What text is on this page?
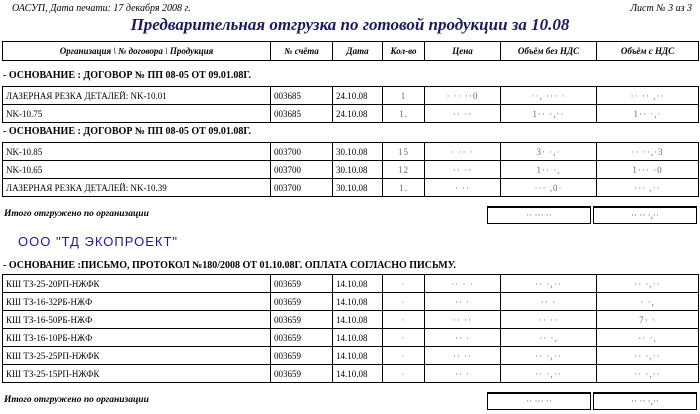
ОАСУП, Дата печати: 17 декабря 2008 г.	Лист № 3 из 3
Предварительная отгрузка по готовой продукции за 10.08
Организация \ № договора \ Продукция	№ счёта	Дата	Кол-во	Цена	Объём без НДС	Объём с НДС
- ОСНОВАНИЕ : ДОГОВОР № ПП 08-05 ОТ 09.01.08Г.
ЛАЗЕРНАЯ РЕЗКА ДЕТАЛЕЙ: NK-10.01	003685	24.10.08	1	· ·· ··0	··, ··· ·	·· ·· ,··
NK-10.75	003685	24.10.08	1.	·· ··	1·· ·,··	1·· ·,·
- ОСНОВАНИЕ : ДОГОВОР № ПП 08-05 ОТ 09.01.08Г.
NK-10.85	003700	30.10.08	15	· ·· ·	3· ·,·	·· ··,·3
NK-10.65	003700	30.10.08	12	·· ··	1·· ·,	1··· ·0
ЛАЗЕРНАЯ РЕЗКА ДЕТАЛЕЙ: NK-10.39	003700	30.10.08	1.	· ··	··· ,0·	··· ,··
Итого отгружено по организации	·· ··· ··	·· ·· ·,··
ООО "ТД ЭКОПРОЕКТ"
- ОСНОВАНИЕ :ПИСЬМО, ПРОТОКОЛ №180/2008 ОТ 01.10.08Г. ОПЛАТА СОГЛАСНО ПИСЬМУ.
КШ ТЗ-25-20РП-НЖФК	003659	14.10.08	·	·· · ·	·· ·,··	·· ·,··
КШ ТЗ-16-32РБ-НЖФ	003659	14.10.08	·	·· ·	·· ·	· ·,
КШ ТЗ-16-50РБ-НЖФ	003659	14.10.08	·	·· ··	·· ··	7· ·
КШ ТЗ-16-10РБ-НЖФ	003659	14.10.08	·	·· ·	·· ·,	·· ·,
КШ ТЗ-25-25РП-НЖФК	003659	14.10.08	·	·· ··	·· ·,··	·· ·,··
КШ ТЗ-25-15РП-НЖФК	003659	14.10.08	·	·· ·	·· ·,··	·· ·,··
Итого отгружено по организации	·· ··· ··	·· ·· ·,··
